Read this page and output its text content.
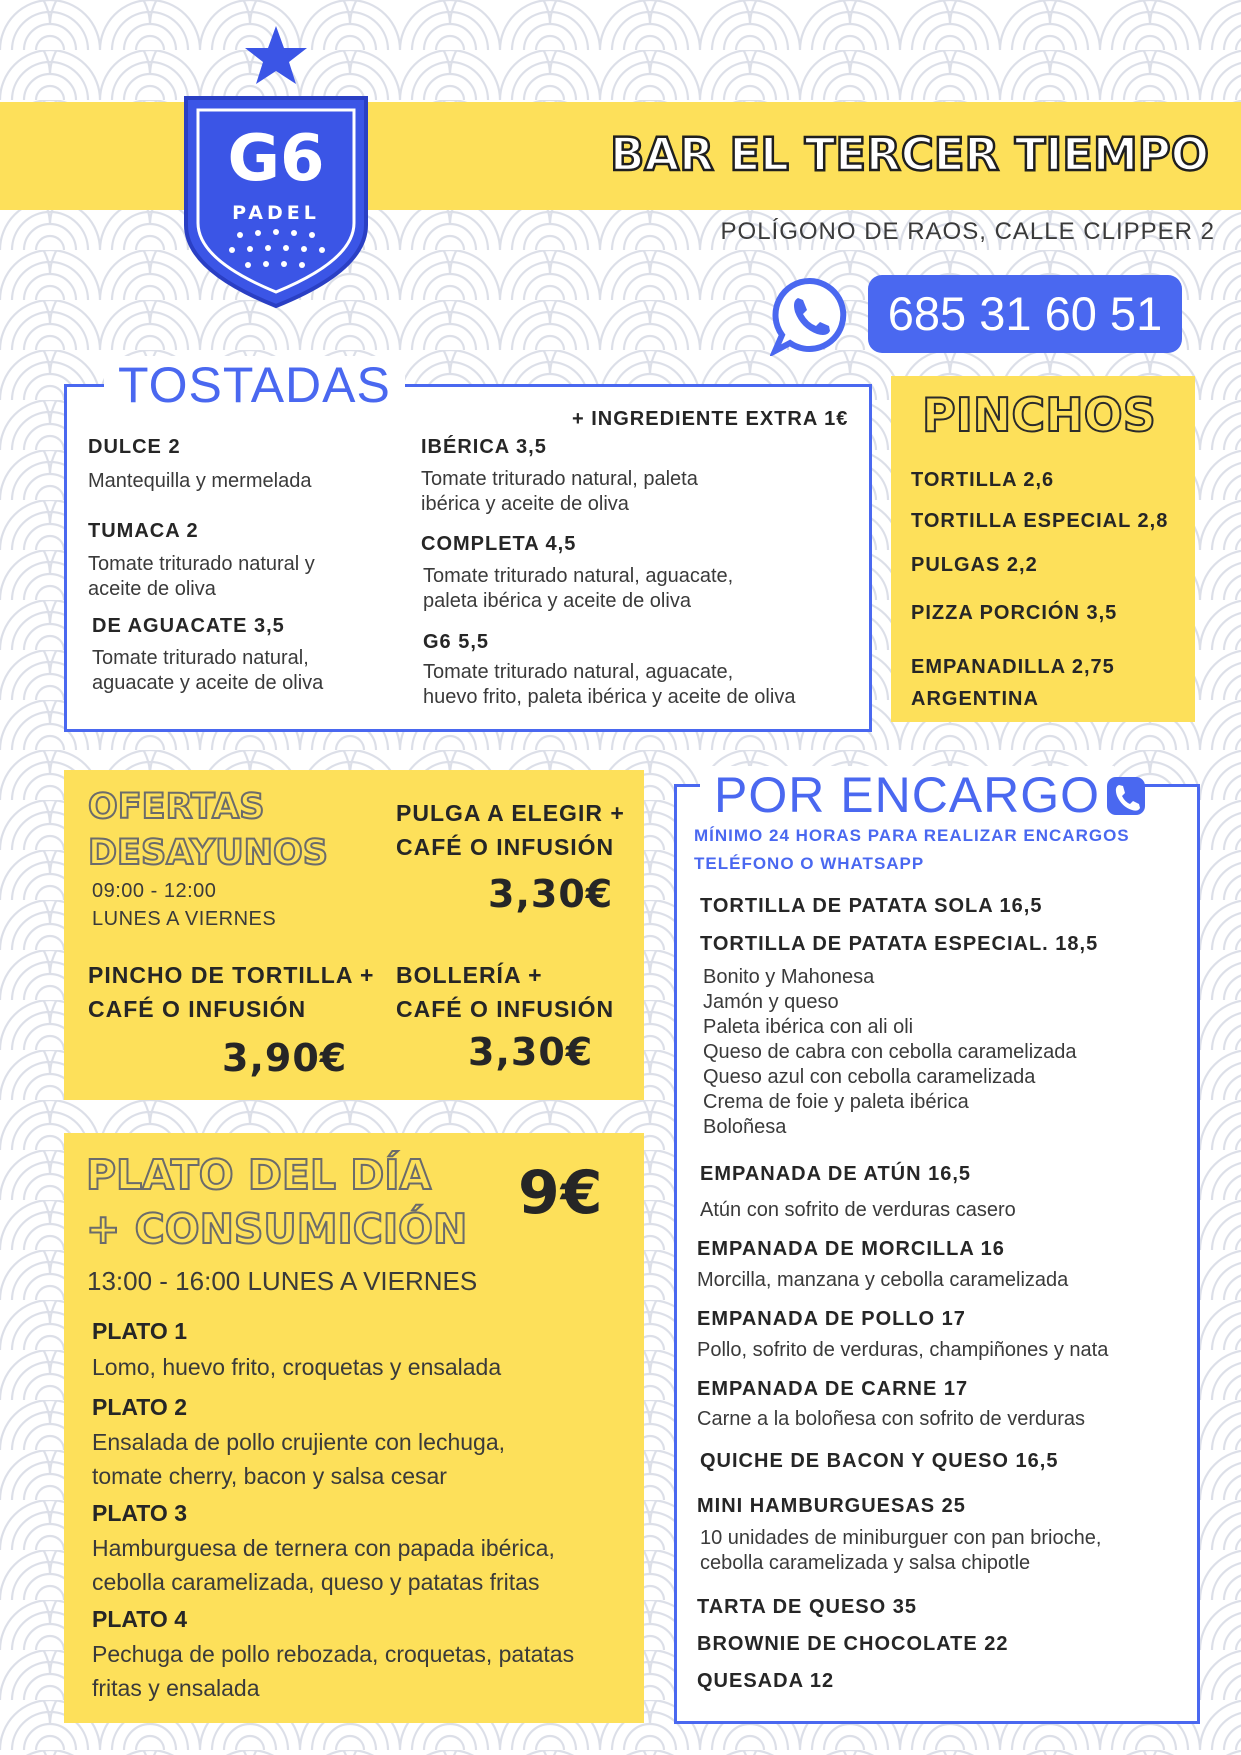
BAR EL TERCER TIEMPO
POLÍGONO DE RAOS, CALLE CLIPPER 2
G6
PADEL
685 31 60 51
TOSTADAS
+ INGREDIENTE EXTRA 1€
DULCE 2
Mantequilla y mermelada
TUMACA 2
Tomate triturado natural y
aceite de oliva
DE AGUACATE 3,5
Tomate triturado natural,
aguacate y aceite de oliva
IBÉRICA 3,5
Tomate triturado natural, paleta
ibérica y aceite de oliva
COMPLETA 4,5
Tomate triturado natural, aguacate,
paleta ibérica y aceite de oliva
G6 5,5
Tomate triturado natural, aguacate,
huevo frito, paleta ibérica y aceite de oliva
PINCHOS
TORTILLA 2,6
TORTILLA ESPECIAL 2,8
PULGAS 2,2
PIZZA PORCIÓN 3,5
EMPANADILLA 2,75
ARGENTINA
OFERTAS
DESAYUNOS
09:00 - 12:00
LUNES A VIERNES
PULGA A ELEGIR +
CAFÉ O INFUSIÓN
3,30€
PINCHO DE TORTILLA +
CAFÉ O INFUSIÓN
3,90€
BOLLERÍA +
CAFÉ O INFUSIÓN
3,30€
PLATO DEL DÍA
+ CONSUMICIÓN
9€
13:00 - 16:00 LUNES A VIERNES
PLATO 1
Lomo, huevo frito, croquetas y ensalada
PLATO 2
Ensalada de pollo crujiente con lechuga,
tomate cherry, bacon y salsa cesar
PLATO 3
Hamburguesa de ternera con papada ibérica,
cebolla caramelizada, queso y patatas fritas
PLATO 4
Pechuga de pollo rebozada, croquetas, patatas
fritas y ensalada
POR ENCARGO
MÍNIMO 24 HORAS PARA REALIZAR ENCARGOS
TELÉFONO O WHATSAPP
TORTILLA DE PATATA SOLA 16,5
TORTILLA DE PATATA ESPECIAL. 18,5
Bonito y Mahonesa
Jamón y queso
Paleta ibérica con ali oli
Queso de cabra con cebolla caramelizada
Queso azul con cebolla caramelizada
Crema de foie y paleta ibérica
Boloñesa
EMPANADA DE ATÚN 16,5
Atún con sofrito de verduras casero
EMPANADA DE MORCILLA 16
Morcilla, manzana y cebolla caramelizada
EMPANADA DE POLLO 17
Pollo, sofrito de verduras, champiñones y nata
EMPANADA DE CARNE 17
Carne a la boloñesa con sofrito de verduras
QUICHE DE BACON Y QUESO 16,5
MINI HAMBURGUESAS 25
10 unidades de miniburguer con pan brioche,
cebolla caramelizada y salsa chipotle
TARTA DE QUESO 35
BROWNIE DE CHOCOLATE 22
QUESADA 12
